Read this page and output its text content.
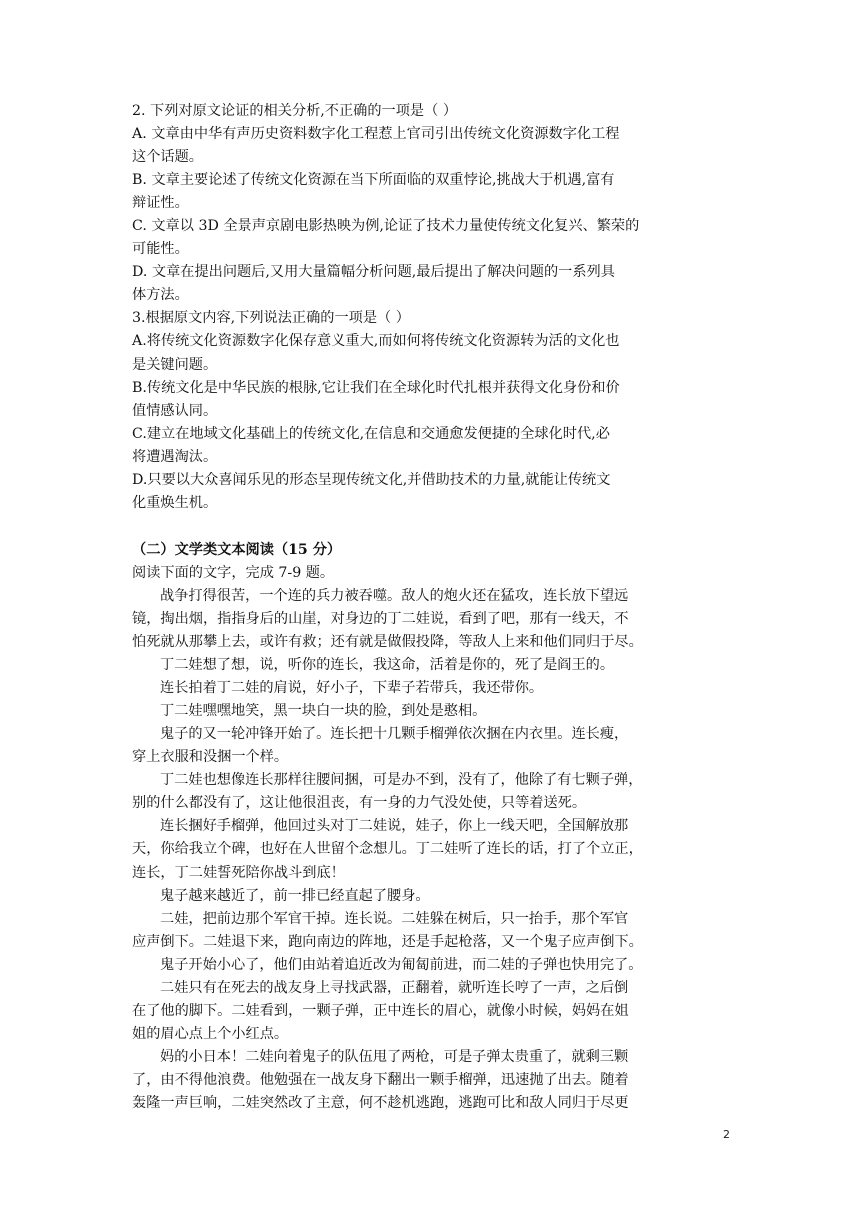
2. 下列对原文论证的相关分析,不正确的一项是（ ）
A. 文章由中华有声历史资料数字化工程惹上官司引出传统文化资源数字化工程
这个话题。
B. 文章主要论述了传统文化资源在当下所面临的双重悖论,挑战大于机遇,富有
辩证性。
C. 文章以 3D 全景声京剧电影热映为例,论证了技术力量使传统文化复兴、繁荣的
可能性。
D. 文章在提出问题后,又用大量篇幅分析问题,最后提出了解决问题的一系列具
体方法。
3.根据原文内容,下列说法正确的一项是（ ）
A.将传统文化资源数字化保存意义重大,而如何将传统文化资源转为活的文化也
是关键问题。
B.传统文化是中华民族的根脉,它让我们在全球化时代扎根并获得文化身份和价
值情感认同。
C.建立在地域文化基础上的传统文化,在信息和交通愈发便捷的全球化时代,必
将遭遇淘汰。
D.只要以大众喜闻乐见的形态呈现传统文化,并借助技术的力量,就能让传统文
化重焕生机。
（二）文学类文本阅读（15 分）
阅读下面的文字，完成 7-9 题。
战争打得很苦，一个连的兵力被吞噬。敌人的炮火还在猛攻，连长放下望远
镜，掏出烟，指指身后的山崖，对身边的丁二娃说，看到了吧，那有一线天，不
怕死就从那攀上去，或许有救；还有就是做假投降，等敌人上来和他们同归于尽。
丁二娃想了想，说，听你的连长，我这命，活着是你的，死了是阎王的。
连长拍着丁二娃的肩说，好小子，下辈子若带兵，我还带你。
丁二娃嘿嘿地笑，黑一块白一块的脸，到处是憨相。
鬼子的又一轮冲锋开始了。连长把十几颗手榴弹依次捆在内衣里。连长瘦，
穿上衣服和没捆一个样。
丁二娃也想像连长那样往腰间捆，可是办不到，没有了，他除了有七颗子弹，
别的什么都没有了，这让他很沮丧，有一身的力气没处使，只等着送死。
连长捆好手榴弹，他回过头对丁二娃说，娃子，你上一线天吧，全国解放那
天，你给我立个碑，也好在人世留个念想儿。丁二娃听了连长的话，打了个立正，
连长，丁二娃誓死陪你战斗到底！
鬼子越来越近了，前一排已经直起了腰身。
二娃，把前边那个军官干掉。连长说。二娃躲在树后，只一抬手，那个军官
应声倒下。二娃退下来，跑向南边的阵地，还是手起枪落，又一个鬼子应声倒下。
鬼子开始小心了，他们由站着追近改为匍匐前进，而二娃的子弹也快用完了。
二娃只有在死去的战友身上寻找武器，正翻着，就听连长哼了一声，之后倒
在了他的脚下。二娃看到，一颗子弹，正中连长的眉心，就像小时候，妈妈在姐
姐的眉心点上个小红点。
妈的小日本！二娃向着鬼子的队伍甩了两枪，可是子弹太贵重了，就剩三颗
了，由不得他浪费。他勉强在一战友身下翻出一颗手榴弹，迅速抛了出去。随着
轰隆一声巨响，二娃突然改了主意，何不趁机逃跑，逃跑可比和敌人同归于尽更
2
